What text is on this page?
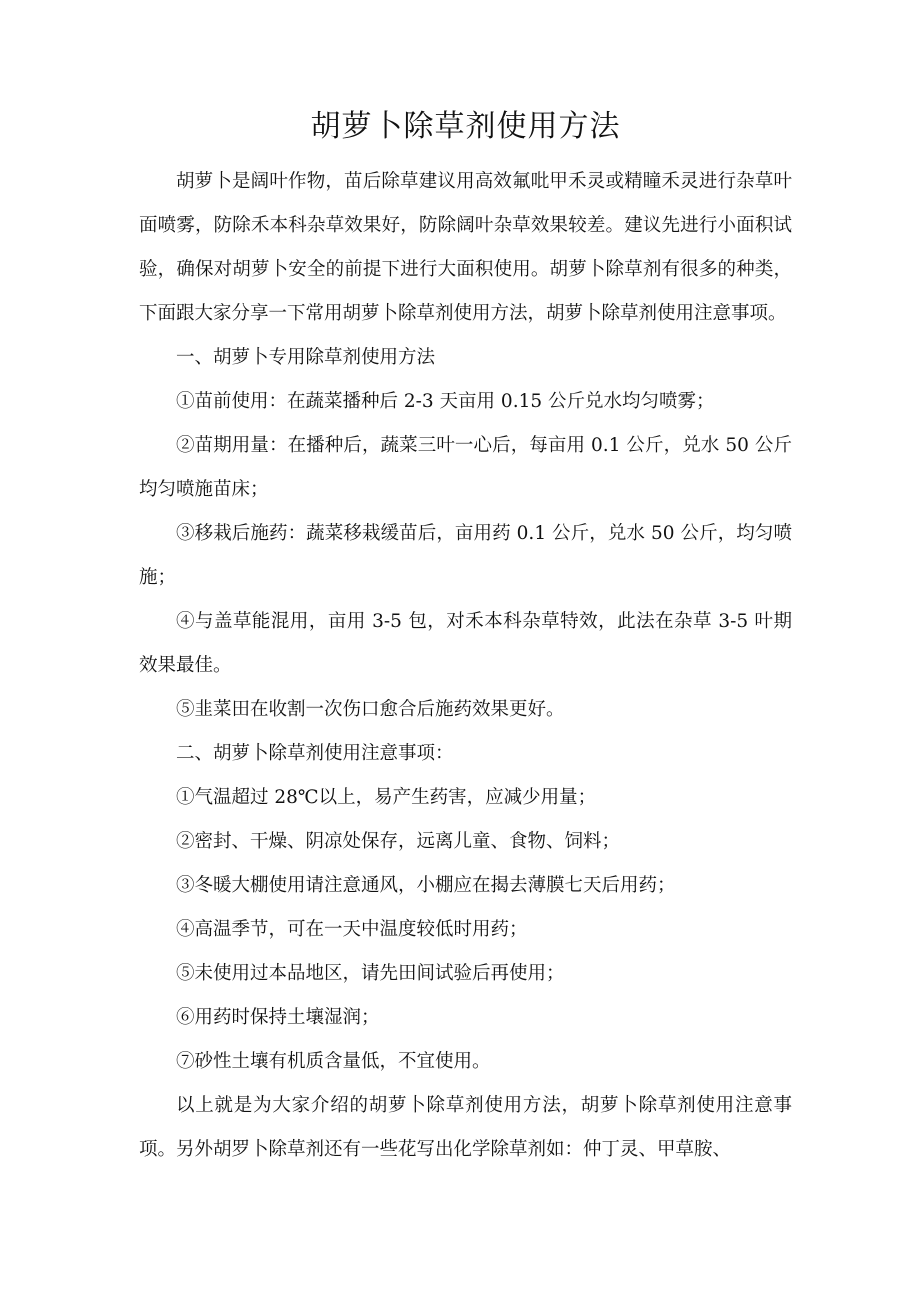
胡萝卜除草剂使用方法

胡萝卜是阔叶作物，苗后除草建议用高效氟吡甲禾灵或精瞳禾灵进行杂草叶面喷雾，防除禾本科杂草效果好，防除阔叶杂草效果较差。建议先进行小面积试验，确保对胡萝卜安全的前提下进行大面积使用。胡萝卜除草剂有很多的种类，下面跟大家分享一下常用胡萝卜除草剂使用方法，胡萝卜除草剂使用注意事项。

一、胡萝卜专用除草剂使用方法

①苗前使用：在蔬菜播种后 2-3 天亩用 0.15 公斤兑水均匀喷雾；

②苗期用量：在播种后，蔬菜三叶一心后，每亩用 0.1 公斤，兑水 50 公斤均匀喷施苗床；

③移栽后施药：蔬菜移栽缓苗后，亩用药 0.1 公斤，兑水 50 公斤，均匀喷施；

④与盖草能混用，亩用 3-5 包，对禾本科杂草特效，此法在杂草 3-5 叶期效果最佳。

⑤韭菜田在收割一次伤口愈合后施药效果更好。

二、胡萝卜除草剂使用注意事项：

①气温超过 28℃以上，易产生药害，应减少用量；

②密封、干燥、阴凉处保存，远离儿童、食物、饲料；

③冬暖大棚使用请注意通风，小棚应在揭去薄膜七天后用药；

④高温季节，可在一天中温度较低时用药；

⑤未使用过本品地区，请先田间试验后再使用；

⑥用药时保持土壤湿润；

⑦砂性土壤有机质含量低，不宜使用。

以上就是为大家介绍的胡萝卜除草剂使用方法，胡萝卜除草剂使用注意事项。另外胡罗卜除草剂还有一些花写出化学除草剂如：仲丁灵、甲草胺、
